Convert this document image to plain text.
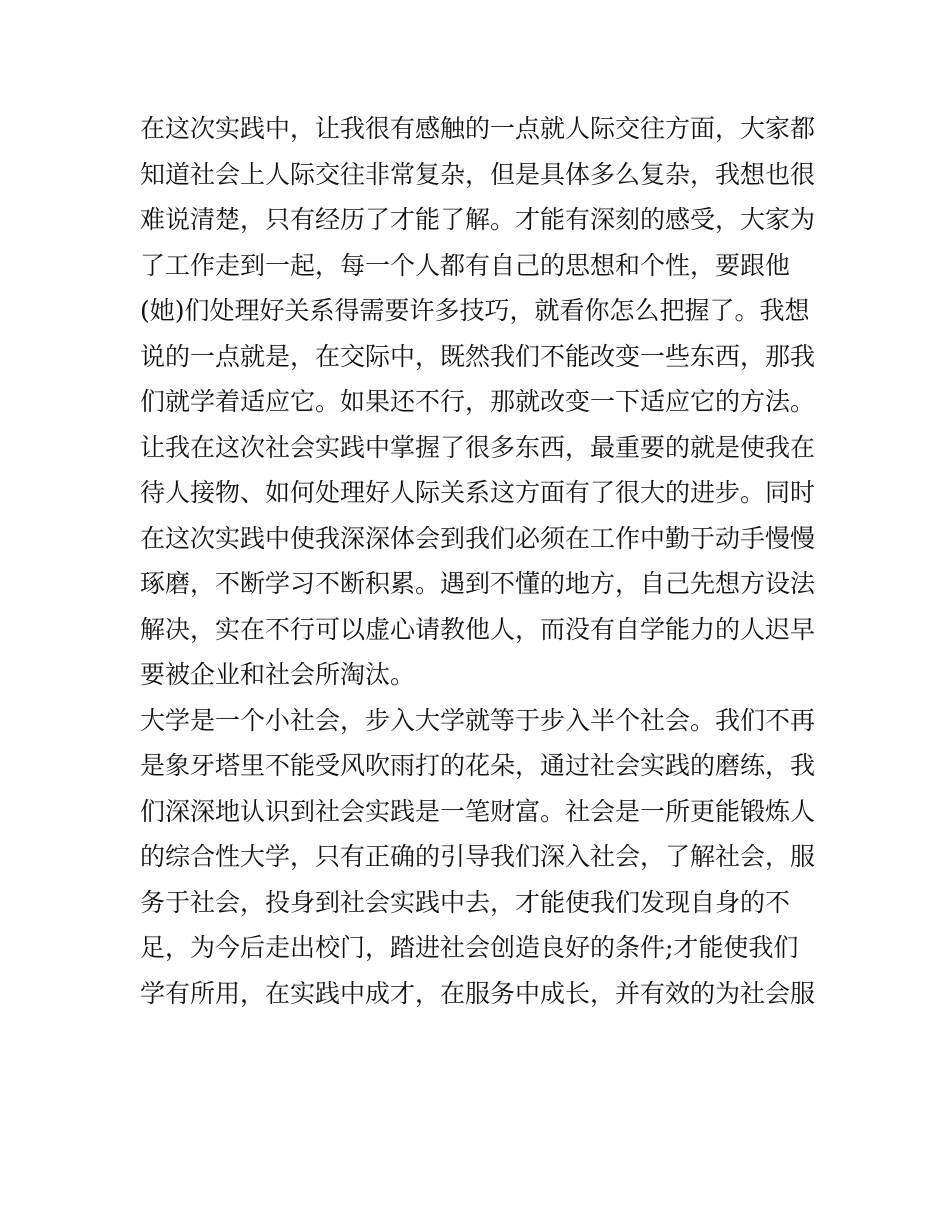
在这次实践中，让我很有感触的一点就人际交往方面，大家都
知道社会上人际交往非常复杂，但是具体多么复杂，我想也很
难说清楚，只有经历了才能了解。才能有深刻的感受，大家为
了工作走到一起，每一个人都有自己的思想和个性，要跟他
(她)们处理好关系得需要许多技巧，就看你怎么把握了。我想
说的一点就是，在交际中，既然我们不能改变一些东西，那我
们就学着适应它。如果还不行，那就改变一下适应它的方法。
让我在这次社会实践中掌握了很多东西，最重要的就是使我在
待人接物、如何处理好人际关系这方面有了很大的进步。同时
在这次实践中使我深深体会到我们必须在工作中勤于动手慢慢
琢磨，不断学习不断积累。遇到不懂的地方，自己先想方设法
解决，实在不行可以虚心请教他人，而没有自学能力的人迟早
要被企业和社会所淘汰。
大学是一个小社会，步入大学就等于步入半个社会。我们不再
是象牙塔里不能受风吹雨打的花朵，通过社会实践的磨练，我
们深深地认识到社会实践是一笔财富。社会是一所更能锻炼人
的综合性大学，只有正确的引导我们深入社会，了解社会，服
务于社会，投身到社会实践中去，才能使我们发现自身的不
足，为今后走出校门，踏进社会创造良好的条件;才能使我们
学有所用，在实践中成才，在服务中成长，并有效的为社会服
